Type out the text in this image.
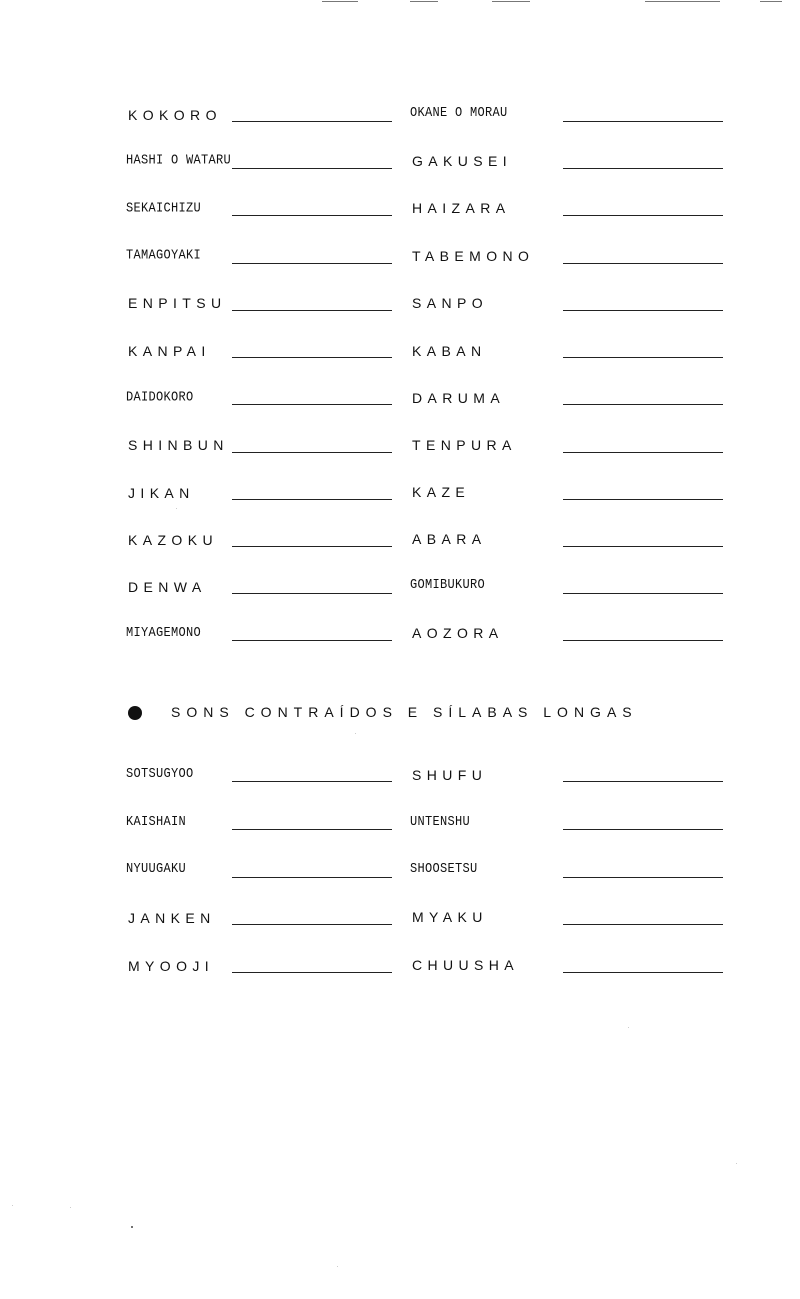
KOKORO	OKANE O MORAU
HASHI O WATARU	GAKUSEI
SEKAICHIZU	HAIZARA
TAMAGOYAKI	TABEMONO
ENPITSU	SANPO
KANPAI	KABAN
DAIDOKORO	DARUMA
SHINBUN	TENPURA
JIKAN	KAZE
KAZOKU	ABARA
DENWA	GOMIBUKURO
MIYAGEMONO	AOZORA
SONS CONTRAÍDOS E SÍLABAS LONGAS
SOTSUGYOO	SHUFU
KAISHAIN	UNTENSHU
NYUUGAKU	SHOOSETSU
JANKEN	MYAKU
MYOOJI	CHUUSHA
